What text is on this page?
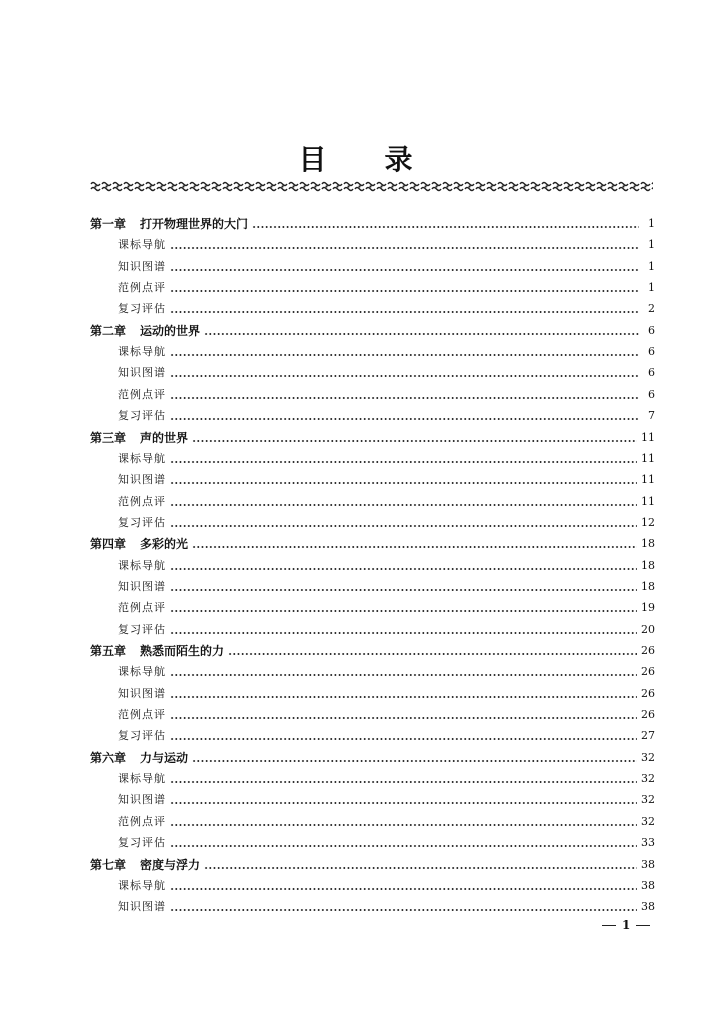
目 录
第一章 打开物理世界的大门	1
课标导航	1
知识图谱	1
范例点评	1
复习评估	2
第二章 运动的世界	6
课标导航	6
知识图谱	6
范例点评	6
复习评估	7
第三章 声的世界	11
课标导航	11
知识图谱	11
范例点评	11
复习评估	12
第四章 多彩的光	18
课标导航	18
知识图谱	18
范例点评	19
复习评估	20
第五章 熟悉而陌生的力	26
课标导航	26
知识图谱	26
范例点评	26
复习评估	27
第六章 力与运动	32
课标导航	32
知识图谱	32
范例点评	32
复习评估	33
第七章 密度与浮力	38
课标导航	38
知识图谱	38
1
